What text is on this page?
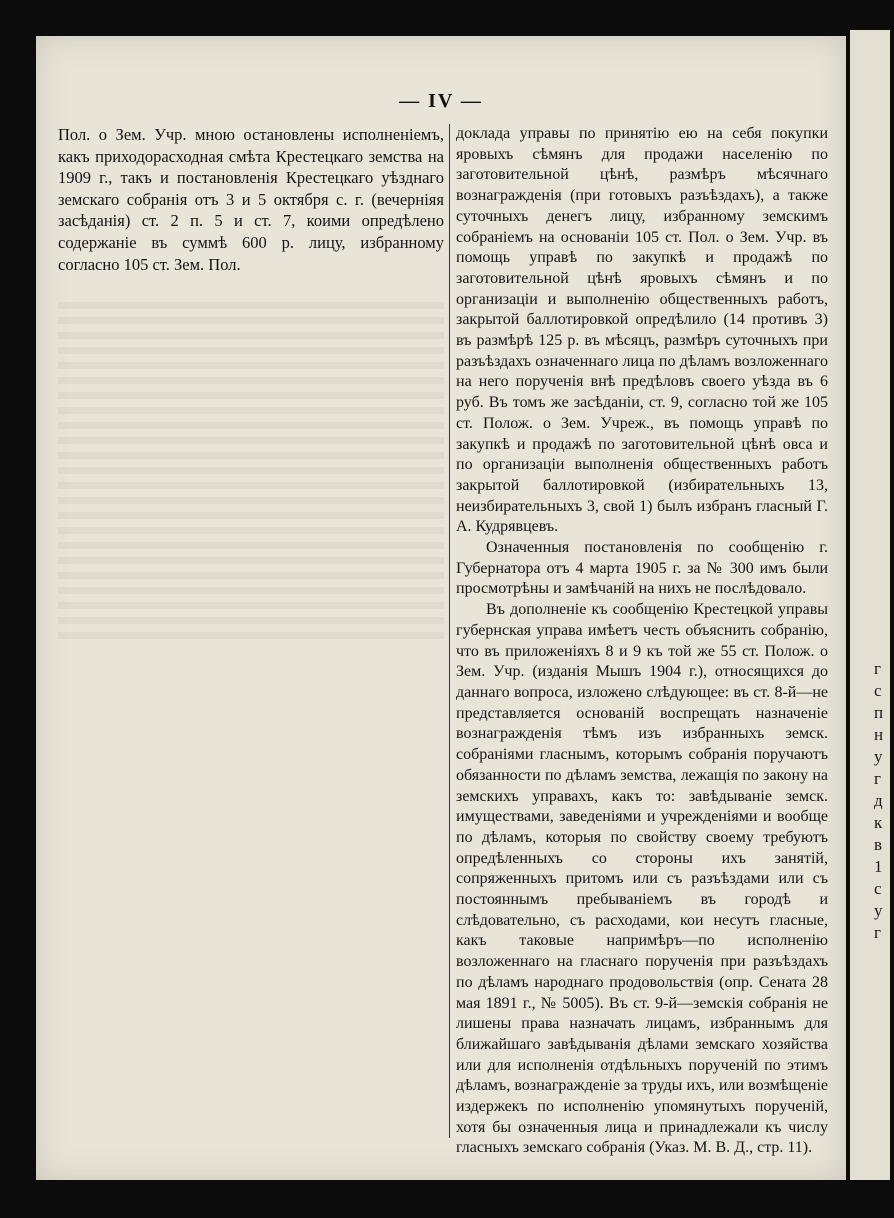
— IV —

Пол. о Зем. Учр. мною остановлены исполненіемъ, какъ приходорасходная смѣта Крестецкаго земства на 1909 г., такъ и постановленія Крестецкаго уѣзднаго земскаго собранія отъ 3 и 5 октября с. г. (вечерніяя засѣданія) ст. 2 п. 5 и ст. 7, коими опредѣлено содержаніе въ суммѣ 600 р. лицу, избранному согласно 105 ст. Зем. Пол.

доклада управы по принятію ею на себя покупки яровыхъ сѣмянъ для продажи населенію по заготовительной цѣнѣ, размѣръ мѣсячнаго вознагражденія (при готовыхъ разъѣздахъ), а также суточныхъ денегъ лицу, избранному земскимъ собраніемъ на основаніи 105 ст. Пол. о Зем. Учр. въ помощь управѣ по закупкѣ и продажѣ по заготовительной цѣнѣ яровыхъ сѣмянъ и по организаціи и выполненію общественныхъ работъ, закрытой баллотировкой опредѣлило (14 противъ 3) въ размѣрѣ 125 р. въ мѣсяцъ, размѣръ суточныхъ при разъѣздахъ означеннаго лица по дѣламъ возложеннаго на него порученія внѣ предѣловъ своего уѣзда въ 6 руб. Въ томъ же засѣданіи, ст. 9, согласно той же 105 ст. Полож. о Зем. Учреж., въ помощь управѣ по закупкѣ и продажѣ по заготовительной цѣнѣ овса и по организаціи выполненія общественныхъ работъ закрытой баллотировкой (избирательныхъ 13, неизбирательныхъ 3, свой 1) былъ избранъ гласный Г. А. Кудрявцевъ.

Означенныя постановленія по сообщенію г. Губернатора отъ 4 марта 1905 г. за № 300 имъ были просмотрѣны и замѣчаній на нихъ не послѣдовало.

Въ дополненіе къ сообщенію Крестецкой управы губернская управа имѣетъ честь объяснить собранію, что въ приложеніяхъ 8 и 9 къ той же 55 ст. Полож. о Зем. Учр. (изданія Мышъ 1904 г.), относящихся до даннаго вопроса, изложено слѣдующее: въ ст. 8-й—не представляется основаній воспрещать назначеніе вознагражденія тѣмъ изъ избранныхъ земск. собраніями гласнымъ, которымъ собранія поручаютъ обязанности по дѣламъ земства, лежащія по закону на земскихъ управахъ, какъ то: завѣдываніе земск. имуществами, заведеніями и учрежденіями и вообще по дѣламъ, которыя по свойству своему требуютъ опредѣленныхъ со стороны ихъ занятій, сопряженныхъ притомъ или съ разъѣздами или съ постояннымъ пребываніемъ въ городѣ и слѣдовательно, съ расходами, кои несутъ гласные, какъ таковые напримѣръ—по исполненію возложеннаго на гласнаго порученія при разъѣздахъ по дѣламъ народнаго продовольствія (опр. Сената 28 мая 1891 г., № 5005). Въ ст. 9-й—земскія собранія не лишены права назначать лицамъ, избраннымъ для ближайшаго завѣдыванія дѣлами земскаго хозяйства или для исполненія отдѣльныхъ порученій по этимъ дѣламъ, вознагражденіе за труды ихъ, или возмѣщеніе издержекъ по исполненію упомянутыхъ порученій, хотя бы означенныя лица и принадлежали къ числу гласныхъ земскаго собранія (Указ. М. В. Д., стр. 11).

г
с
п
н
у
г
д
к
в
1
с
у
г
